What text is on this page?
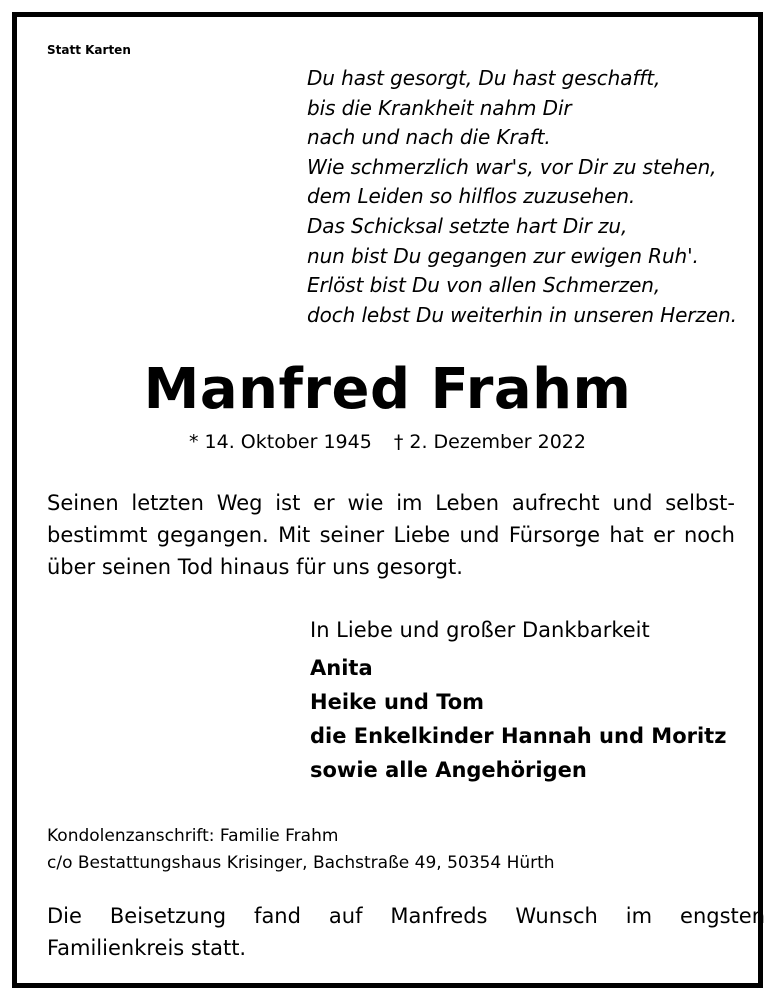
Statt Karten
Du hast gesorgt, Du hast geschafft,
bis die Krankheit nahm Dir
nach und nach die Kraft.
Wie schmerzlich war's, vor Dir zu stehen,
dem Leiden so hilflos zuzusehen.
Das Schicksal setzte hart Dir zu,
nun bist Du gegangen zur ewigen Ruh'.
Erlöst bist Du von allen Schmerzen,
doch lebst Du weiterhin in unseren Herzen.
Manfred Frahm
* 14. Oktober 1945 † 2. Dezember 2022
Seinen letzten Weg ist er wie im Leben aufrecht und selbst-
bestimmt gegangen. Mit seiner Liebe und Fürsorge hat er noch
über seinen Tod hinaus für uns gesorgt.
In Liebe und großer Dankbarkeit
Anita
Heike und Tom
die Enkelkinder Hannah und Moritz
sowie alle Angehörigen
Kondolenzanschrift: Familie Frahm
c/o Bestattungshaus Krisinger, Bachstraße 49, 50354 Hürth
Die Beisetzung fand auf Manfreds Wunsch im engsten
Familienkreis statt.
